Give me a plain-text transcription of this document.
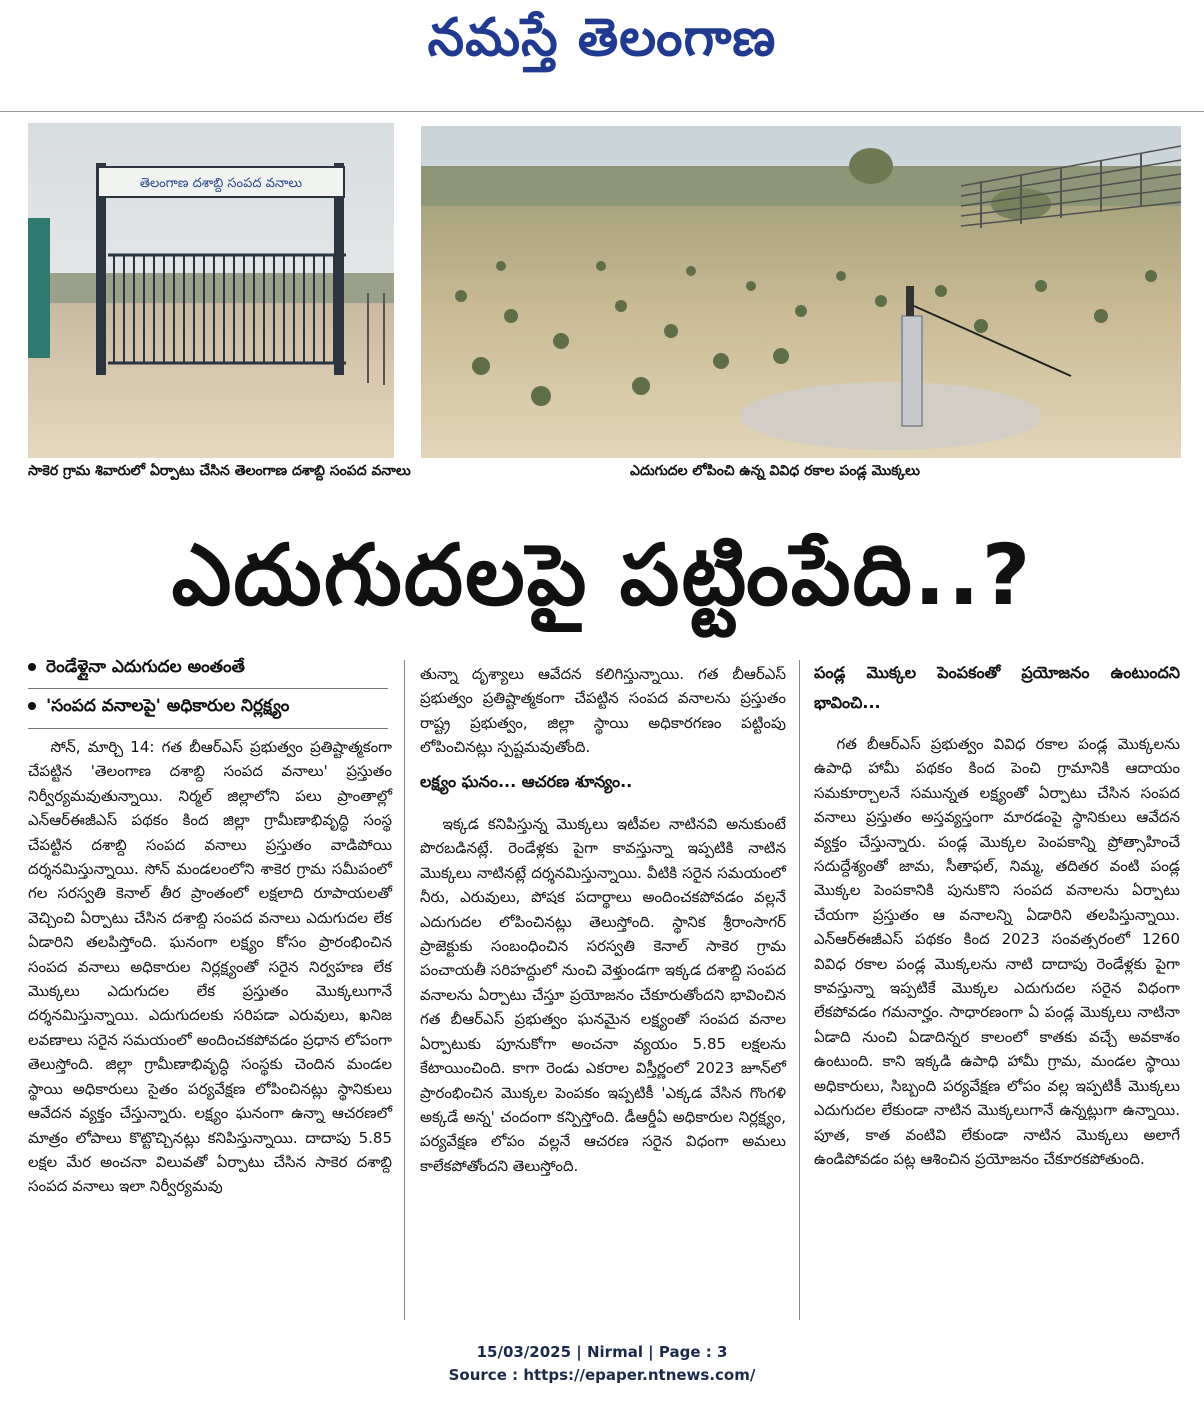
నమస్తే తెలంగాణ
తెలంగాణ దశాబ్ది సంపద వనాలు
సాకెర గ్రామ శివారులో ఏర్పాటు చేసిన తెలంగాణ దశాబ్ది సంపద వనాలు	ఎదుగుదల లోపించి ఉన్న వివిధ రకాల పండ్ల మొక్కలు
ఎదుగుదలపై పట్టింపేది..?
రెండేళ్లైనా ఎదుగుదల అంతంతే
'సంపద వనాలపై' అధికారుల నిర్లక్ష్యం

సోన్, మార్చి 14: గత బీఆర్ఎస్ ప్రభుత్వం ప్రతిష్టాత్మకంగా చేపట్టిన 'తెలంగాణ దశాబ్ది సంపద వనాలు' ప్రస్తుతం నిర్వీర్యమవుతున్నాయి. నిర్మల్ జిల్లాలోని పలు ప్రాంతాల్లో ఎన్ఆర్ఈజీఎస్ పథకం కింద జిల్లా గ్రామీణాభివృద్ధి సంస్థ చేపట్టిన దశాబ్ది సంపద వనాలు ప్రస్తుతం వాడిపోయి దర్శనమిస్తున్నాయి. సోన్ మండలంలోని శాకెర గ్రామ సమీపంలో గల సరస్వతి కెనాల్ తీర ప్రాంతంలో లక్షలాది రూపాయలతో వెచ్చించి ఏర్పాటు చేసిన దశాబ్ది సంపద వనాలు ఎదుగుదల లేక ఏడారిని తలపిస్తోంది. ఘనంగా లక్ష్యం కోసం ప్రారంభించిన సంపద వనాలు అధికారుల నిర్లక్ష్యంతో సరైన నిర్వహణ లేక మొక్కలు ఎదుగుదల లేక ప్రస్తుతం మొక్కలుగానే దర్శనమిస్తున్నాయి. ఎదుగుదలకు సరిపడా ఎరువులు, ఖనిజ లవణాలు సరైన సమయంలో అందించకపోవడం ప్రధాన లోపంగా తెలుస్తోంది. జిల్లా గ్రామీణాభివృద్ధి సంస్థకు చెందిన మండల స్థాయి అధికారులు సైతం పర్యవేక్షణ లోపించినట్లు స్థానికులు ఆవేదన వ్యక్తం చేస్తున్నారు. లక్ష్యం ఘనంగా ఉన్నా ఆచరణలో మాత్రం లోపాలు కొట్టొచ్చినట్లు కనిపిస్తున్నాయి. దాదాపు 5.85 లక్షల మేర అంచనా విలువతో ఏర్పాటు చేసిన సాకెర దశాబ్ది సంపద వనాలు ఇలా నిర్వీర్యమవు

తున్నా దృశ్యాలు ఆవేదన కలిగిస్తున్నాయి. గత బీఆర్ఎస్ ప్రభుత్వం ప్రతిష్టాత్మకంగా చేపట్టిన సంపద వనాలను ప్రస్తుతం రాష్ట్ర ప్రభుత్వం, జిల్లా స్థాయి అధికారగణం పట్టింపు లోపించినట్లు స్పష్టమవుతోంది.

లక్ష్యం ఘనం... ఆచరణ శూన్యం..

ఇక్కడ కనిపిస్తున్న మొక్కలు ఇటీవల నాటినవి అనుకుంటే పొరబడినట్లే. రెండేళ్లకు పైగా కావస్తున్నా ఇప్పటికి నాటిన మొక్కలు నాటినట్లే దర్శనమిస్తున్నాయి. వీటికి సరైన సమయంలో నీరు, ఎరువులు, పోషక పదార్థాలు అందించకపోవడం వల్లనే ఎదుగుదల లోపించినట్లు తెలుస్తోంది. స్థానిక శ్రీరాంసాగర్ ప్రాజెక్టుకు సంబంధించిన సరస్వతి కెనాల్ సాకెర గ్రామ పంచాయతీ సరిహద్దులో నుంచి వెళ్తుండగా ఇక్కడ దశాబ్ది సంపద వనాలను ఏర్పాటు చేస్తూ ప్రయోజనం చేకూరుతోందని భావించిన గత బీఆర్ఎస్ ప్రభుత్వం ఘనమైన లక్ష్యంతో సంపద వనాల ఏర్పాటుకు పూనుకోగా అంచనా వ్యయం 5.85 లక్షలను కేటాయించింది. కాగా రెండు ఎకరాల విస్తీర్ణంలో 2023 జూన్‌లో ప్రారంభించిన మొక్కల పెంపకం ఇప్పటికీ 'ఎక్కడ వేసిన గొంగళి అక్కడే అన్న' చందంగా కన్పిస్తోంది. డీఆర్డీఏ అధికారుల నిర్లక్ష్యం, పర్యవేక్షణ లోపం వల్లనే ఆచరణ సరైన విధంగా అమలు కాలేకపోతోందని తెలుస్తోంది.

పండ్ల మొక్కల పెంపకంతో ప్రయోజనం ఉంటుందని భావించి...

గత బీఆర్ఎస్ ప్రభుత్వం వివిధ రకాల పండ్ల మొక్కలను ఉపాధి హామీ పథకం కింద పెంచి గ్రామానికి ఆదాయం సమకూర్చాలనే సమున్నత లక్ష్యంతో ఏర్పాటు చేసిన సంపద వనాలు ప్రస్తుతం అస్తవ్యస్తంగా మారడంపై స్థానికులు ఆవేదన వ్యక్తం చేస్తున్నారు. పండ్ల మొక్కల పెంపకాన్ని ప్రోత్సాహించే సదుద్దేశ్యంతో జామ, సీతాఫల్, నిమ్మ, తదితర వంటి పండ్ల మొక్కల పెంపకానికి పునుకొని సంపద వనాలను ఏర్పాటు చేయగా ప్రస్తుతం ఆ వనాలన్ని ఏడారిని తలపిస్తున్నాయి. ఎన్ఆర్ఈజీఎస్ పథకం కింద 2023 సంవత్సరంలో 1260 వివిధ రకాల పండ్ల మొక్కలను నాటి దాదాపు రెండేళ్లకు పైగా కావస్తున్నా ఇప్పటికే మొక్కల ఎదుగుదల సరైన విధంగా లేకపోవడం గమనార్హం. సాధారణంగా ఏ పండ్ల మొక్కలు నాటినా ఏడాది నుంచి ఏడాదిన్నర కాలంలో కాతకు వచ్చే అవకాశం ఉంటుంది. కాని ఇక్కడి ఉపాధి హామీ గ్రామ, మండల స్థాయి అధికారులు, సిబ్బంది పర్యవేక్షణ లోపం వల్ల ఇప్పటికీ మొక్కలు ఎదుగుదల లేకుండా నాటిన మొక్కలుగానే ఉన్నట్లుగా ఉన్నాయి. పూత, కాత వంటివి లేకుండా నాటిన మొక్కలు అలాగే ఉండిపోవడం పట్ల ఆశించిన ప్రయోజనం చేకూరకపోతుంది.

15/03/2025 | Nirmal | Page : 3
Source : https://epaper.ntnews.com/
